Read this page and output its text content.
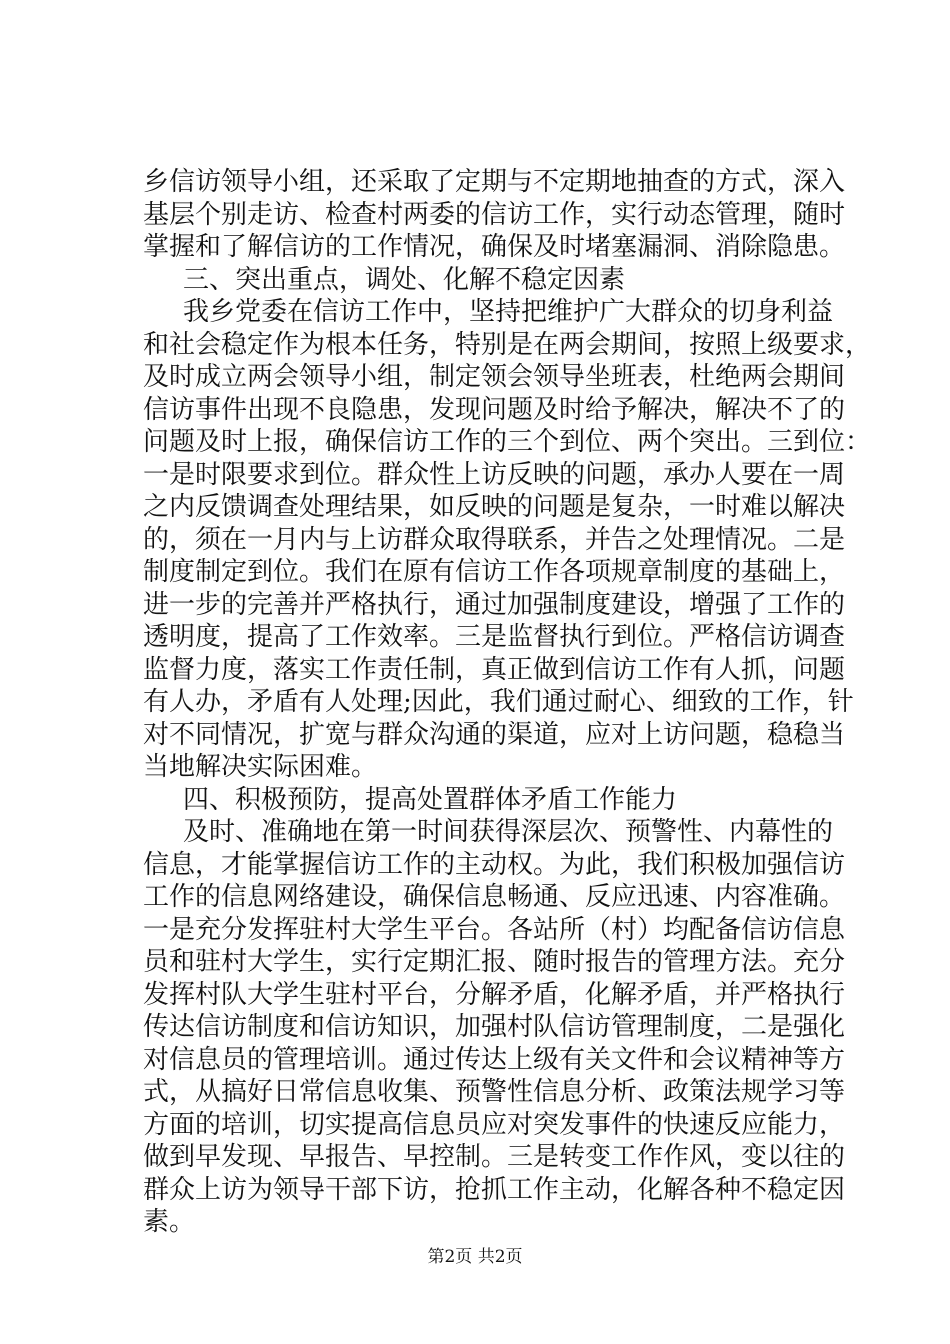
乡信访领导小组，还采取了定期与不定期地抽查的方式，深入
基层个别走访、检查村两委的信访工作，实行动态管理，随时
掌握和了解信访的工作情况，确保及时堵塞漏洞、消除隐患。
三、突出重点，调处、化解不稳定因素
我乡党委在信访工作中，坚持把维护广大群众的切身利益
和社会稳定作为根本任务，特别是在两会期间，按照上级要求，
及时成立两会领导小组，制定领会领导坐班表，杜绝两会期间
信访事件出现不良隐患，发现问题及时给予解决，解决不了的
问题及时上报，确保信访工作的三个到位、两个突出。三到位：
一是时限要求到位。群众性上访反映的问题，承办人要在一周
之内反馈调查处理结果，如反映的问题是复杂，一时难以解决
的，须在一月内与上访群众取得联系，并告之处理情况。二是
制度制定到位。我们在原有信访工作各项规章制度的基础上，
进一步的完善并严格执行，通过加强制度建设，增强了工作的
透明度，提高了工作效率。三是监督执行到位。严格信访调查
监督力度，落实工作责任制，真正做到信访工作有人抓，问题
有人办，矛盾有人处理;因此，我们通过耐心、细致的工作，针
对不同情况，扩宽与群众沟通的渠道，应对上访问题，稳稳当
当地解决实际困难。
四、积极预防，提高处置群体矛盾工作能力
及时、准确地在第一时间获得深层次、预警性、内幕性的
信息，才能掌握信访工作的主动权。为此，我们积极加强信访
工作的信息网络建设，确保信息畅通、反应迅速、内容准确。
一是充分发挥驻村大学生平台。各站所（村）均配备信访信息
员和驻村大学生，实行定期汇报、随时报告的管理方法。充分
发挥村队大学生驻村平台，分解矛盾，化解矛盾，并严格执行
传达信访制度和信访知识，加强村队信访管理制度，二是强化
对信息员的管理培训。通过传达上级有关文件和会议精神等方
式，从搞好日常信息收集、预警性信息分析、政策法规学习等
方面的培训，切实提高信息员应对突发事件的快速反应能力，
做到早发现、早报告、早控制。三是转变工作作风，变以往的
群众上访为领导干部下访，抢抓工作主动，化解各种不稳定因
素。
第2页 共2页
